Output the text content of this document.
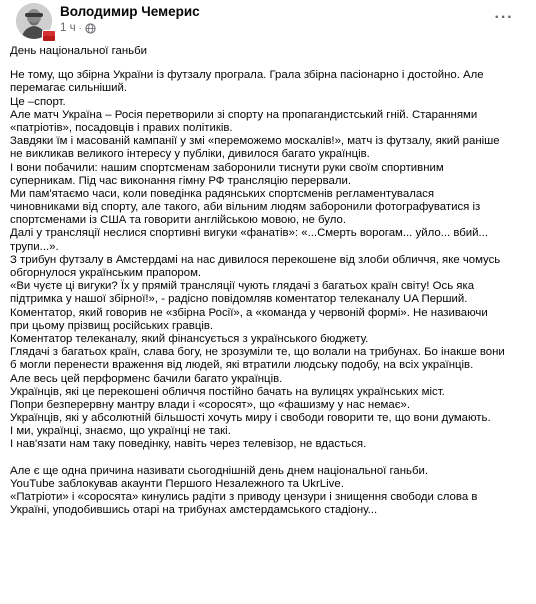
Володимир Чемерис
1 ч ·
···
День національної ганьби
Не тому, що збірна України із футзалу програла. Грала збірна пасіонарно і достойно. Але
перемагає сильніший.
Це –спорт.
Але матч Україна – Росія перетворили зі спорту на пропагандистський гній. Стараннями
«патріотів», посадовців і правих політиків.
Завдяки їм і масованій кампанії у змі «переможемо москалів!», матч із футзалу, який раніше
не викликав великого інтересу у публіки, дивилося багато українців.
І вони побачили: нашим спортсменам заборонили тиснути руки своїм спортивним
суперникам. Під час виконання гімну РФ трансляцію перервали.
Ми пам'ятаємо часи, коли поведінка радянських спортсменів регламентувалася
чиновниками від спорту, але такого, аби вільним людям заборонили фотографуватися із
спортсменами із США та говорити англійською мовою, не було.
Далі у трансляції неслися спортивні вигуки «фанатів»: «...Смерть ворогам... уйло... вбий...
трупи...».
З трибун футзалу в Амстердамі на нас дивилося перекошене від злоби обличчя, яке чомусь
обгорнулося українським прапором.
«Ви чуєте ці вигуки? Їх у прямій трансляції чують глядачі з багатьох країн світу! Ось яка
підтримка у нашої збірної!», - радісно повідомляв коментатор телеканалу UA Перший.
Коментатор, який говорив не «збірна Росії», а «команда у червоній формі». Не називаючи
при цьому прізвищ російських гравців.
Коментатор телеканалу, який фінансується з українського бюджету.
Глядачі з багатьох країн, слава богу, не зрозуміли те, що волали на трибунах. Бо інакше вони
б могли перенести враження від людей, які втратили людську подобу, на всіх українців.
Але весь цей перформенс бачили багато українців.
Українців, які це перекошені обличчя постійно бачать на вулицях українських міст.
Попри безперервну мантру влади і «соросят», що «фашизму у нас немає».
Українців, які у абсолютній більшості хочуть миру і свободи говорити те, що вони думають.
І ми, українці, знаємо, що українці не такі.
І нав'язати нам таку поведінку, навіть через телевізор, не вдасться.
Але є ще одна причина називати сьогоднішній день днем національної ганьби.
YouTube заблокував акаунти Першого Незалежного та UkrLive.
«Патріоти» і «соросята» кинулись радіти з приводу цензури і знищення свободи слова в
Україні, уподобившись отарі на трибунах амстердамського стадіону...
